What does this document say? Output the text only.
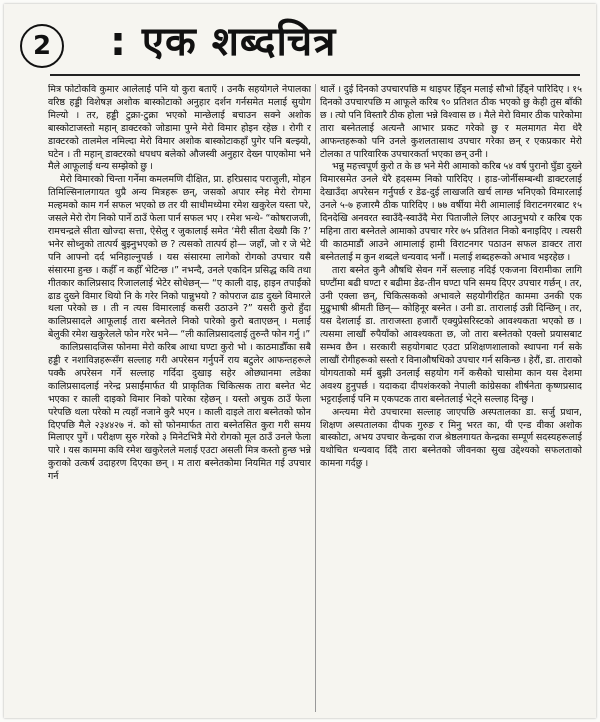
2 : एक शब्दचित्र

मित्र फोटोकवि कुमार आलेलाई पनि यो कुरा बताएँ । उनकै सहयोगले नेपालका वरिष्ठ हड्डी विशेषज्ञ अशोक बास्कोटाको अनुहार दर्शन गर्नसमेत मलाई सुयोग मिल्यो । तर, हड्डी टुक्रा-टुक्रा भएको मान्छेलाई बचाउन सक्ने अशोक बास्कोटाजस्तो महान् डाक्टरको जोडामा पुग्ने मेरो विमार होइन रहेछ । रोगी र डाक्टरको तालमेल नमिल्दा मेरो विमार अशोक बास्कोटाकहाँ पुगेर पनि बल्झ्यो, घटेन । ती महान् डाक्टरको धपधप बलेको औजस्वी अनुहार देख्न पाएकोमा भने मैले आफूलाई धन्य सम्झेको छु ।

मेरो विमारको चिन्ता गर्नेमा कमलमणि दीक्षित, प्रा. हरिप्रसाद पराजुली, मोहन तिमिल्सिनालगायत थुप्रै अन्य मित्रहरू छन्, जसको अपार स्नेह मेरो रोगमा मल्हमको काम गर्न सफल भएको छ तर यी साधीमध्येमा रमेश खकुरेल यस्ता परे, जसले मेरो रोग निको पार्ने ठाउँ फेला पार्न सफल भए । रमेश भन्थे- “कोषराजजी, रामचन्द्रले सीता खोज्दा सत्ता, ऐसेलु र जुकालाई समेत ‘मेरी सीता देख्यौ कि ?’ भनेर सोध्नुको तात्पर्य बुझ्नुभएको छ ? त्यसको तात्पर्य हो— जहाँ, जो र जे भेटे पनि आफ्नो दर्द भनिहाल्नुपर्छ । यस संसारमा लागेको रोगको उपचार यसै संसारमा हुन्छ । कहीँ न कहीँ भेटिन्छ ।” नभन्दै, उनले एकदिन प्रसिद्ध कवि तथा गीतकार कालिप्रसाद रिजाललाई भेटेर सोधेछन्— “ए काली दाइ, हाइन तपाईंको ढाड दुख्ने विमार थियो नि के गरेर निको पान्नुभयो ? कोपराज ढाड दुख्ने विमारले थला परेको छ । ती न त्यस विमारलाई कसरी उठाउने ?” यसरी कुरो हुँदा कालिप्रसादले आफूलाई तारा बस्नेतले निको पारेको कुरो बताएछन् । मलाई बेलुकी रमेश खकुरेलले फोन गरेर भने— “ली कालिप्रसादलाई तुरुन्तै फोन गर्नु ।”

कालिप्रसादजिस फोनमा मेरो करिब आधा घण्टा कुरो भो । काठमाडौँका सबै हड्डी र नशाविज्ञहरूसँग सल्लाह गरी अपरेसन गर्नुपर्ने राय बटुलेर आफन्तहरूले पक्कै अपरेसन गर्ने सल्लाह गर्दिदा दुखाइ सहेर ओछ्यानमा लडेका कालिप्रसादलाई नरेन्द्र प्रसाईंमार्फत यी प्राकृतिक चिकित्सक तारा बस्नेत भेट भएका र काली दाइको विमार निको पारेका रहेछन् । यस्तो अचुक ठाउँ फेला परेपछि थला परेको म त्यहाँ नजाने कुरै भएन । काली दाइले तारा बस्नेतको फोन दिएपछि मैले २३४४२७ नं. को सो फोनमार्फत तारा बस्नेतसित कुरा गरी समय मिलाएर पुगें । परीक्षण सुरु गरेको ३ मिनेटभित्रै मेरो रोगको मूल ठाउँ उनले फेला पारे । यस काममा कवि रमेश खकुरेलले मलाई एउटा असली मित्र कस्तो हुन्छ भन्ने कुराको उत्कर्ष उदाहरण दिएका छन् । म तारा बस्नेतकोमा नियमित गई उपचार गर्न

थालें । दुई दिनको उपचारपछि म थाइपर हिँड्न मलाई सौभो हिँड्ने पारिदिए । १५ दिनको उपचारपछि म आफूले करिब ९० प्रतिशत ठीक भएको छु केही तुस बाँकी छ । त्यो पनि विस्तारै ठीक होला भन्ने विश्वास छ । मैले मेरो विमार ठीक पारेकोमा तारा बस्नेतलाई अत्यन्तै आभार प्रकट गरेको छु र मलमागत मेरा धेरै आफन्तहरूको पनि उनले कुशलतासाथ उपचार गरेका छन् र एकप्रकार मेरो टोलका त पारिवारिक उपचारकर्ता भएका छन् उनी ।

भन्नु महत्त्वपूर्ण कुरो त के छ भने मेरी आमाको करिब ५४ वर्ष पुरानो घुँडा दुख्ने विमारसमेत उनले धेरै हदसम्म निको पारिदिए । हाड-जोर्नीसम्बन्धी डाक्टरलाई देखाउँदा अपरेसन गर्नुपर्छ र डेढ-दुई लाखजति खर्च लाग्छ भनिएको विमारलाई उनले ५-७ हजारमै ठीक पारिदिए । ७७ वर्षीया मेरी आमालाई विराटनगरबाट १५ दिनदेखि अनवरत स्वाउँदै-स्वाउँदै मेरा पिताजीले लिएर आउनुभयो र करिब एक महिना तारा बस्नेतले आमाको उपचार गरेर ७५ प्रतिशत निको बनाइदिए । त्यसरी यी काठमाडौं आउने आमालाई हामी विराटनगर पठाउन सफल डाक्टर तारा बस्नेतलाई म कुन शब्दले धन्यवाद भनौं । मलाई शब्दहरूको अभाव भइरहेछ ।

तारा बस्नेत कुनै औषधि सेवन गर्ने सल्लाह नदिई एकजना विरामीका लागि घण्टौंमा बढी घण्टा र बढीमा डेढ-तीन घण्टा पनि समय दिएर उपचार गर्छन् । तर, उनी एक्ला छन्, चिकित्सकको अभावले सहयोगीरहित काममा उनकी एक मुढुभाषी श्रीमती छिन्— कोहिनूर बस्नेत । उनी डा. तारालाई उन्नी दिन्छिन् । तर, यस देशलाई डा. ताराजस्ता हजारौं एक्युप्रेसरिस्टको आवश्यकता भएको छ । त्यसमा लाखौं रुपैयाँको आवश्यकता छ, जो तारा बस्नेतको एक्लो प्रयासबाट सम्भव छैन । सरकारी सहयोगबाट एउटा प्रशिक्षणशालाको स्थापना गर्न सके लाखौं रोगीहरूको सस्तो र विनाऔषधिको उपचार गर्न सकिन्छ । हेरौं, डा. ताराको योगयताको मर्म बुझी उनलाई सहयोग गर्ने कसैको चासोमा कान यस देशमा अवश्य हुनुपर्छ । यदाकदा दीपशंकरको नेपाली कांग्रेसका शीर्षनेता कृष्णप्रसाद भट्टराईलाई पनि म एकपटक तारा बस्नेतलाई भेट्ने सल्लाह दिन्छु ।

अन्त्यमा मेरो उपचारमा सल्लाह जाएपछि अस्पतालका डा. सर्जु प्रधान, शिक्षण अस्पतालका दीपक गुरुङ र मिनु भरत का, यी एन्ड वीका अशोक बास्कोटा, अभय उपचार केन्द्रका राज श्रेष्ठलगायत केन्द्रका सम्पूर्ण सदस्यहरूलाई यथोचित धन्यवाद दिँदै तारा बस्नेतको जीवनका सुख उद्देश्यको सफलताको कामना गर्दछु ।
